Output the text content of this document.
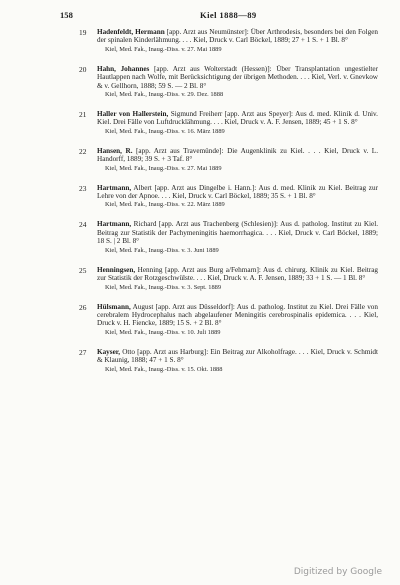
158	Kiel 1888—89
19	Hadenfeldt, Hermann [app. Arzt aus Neumünster]: Über Arthrodesis, besonders bei den Folgen der spinalen Kinderlähmung. . . . Kiel, Druck v. Carl Böckel, 1889; 27 + 1 S. + 1 Bl. 8°
Kiel, Med. Fak., Inaug.-Diss. v. 27. Mai 1889
20	Hahn, Johannes [app. Arzt aus Wolterstadt (Hessen)]: Über Transplantation ungestielter Hautlappen nach Wolfe, mit Berücksichtigung der übrigen Methoden. . . . Kiel, Verl. v. Gnevkow & v. Gellhorn, 1888; 59 S. — 2 Bl. 8°
Kiel, Med. Fak., Inaug.-Diss. v. 29. Dez. 1888
21	Haller von Hallerstein, Sigmund Freiherr [app. Arzt aus Speyer]: Aus d. med. Klinik d. Univ. Kiel. Drei Fälle von Luftdrucklähmung. . . . Kiel, Druck v. A. F. Jensen, 1889; 45 + 1 S. 8°
Kiel, Med. Fak., Inaug.-Diss. v. 16. März 1889
22	Hansen, R. [app. Arzt aus Travemünde]: Die Augenklinik zu Kiel. . . . Kiel, Druck v. L. Handorff, 1889; 39 S. + 3 Taf. 8°
Kiel, Med. Fak., Inaug.-Diss. v. 27. Mai 1889
23	Hartmann, Albert [app. Arzt aus Dingelbe i. Hann.]: Aus d. med. Klinik zu Kiel. Beitrag zur Lehre von der Apnoe. . . . Kiel, Druck v. Carl Böckel, 1889; 35 S. + 1 Bl. 8°
Kiel, Med. Fak., Inaug.-Diss. v. 22. März 1889
24	Hartmann, Richard [app. Arzt aus Trachenberg (Schlesien)]: Aus d. patholog. Institut zu Kiel. Beitrag zur Statistik der Pachymeningitis haemorrhagica. . . . Kiel, Druck v. Carl Böckel, 1889; 18 S. | 2 Bl. 8°
Kiel, Med. Fak., Inaug.-Diss. v. 3. Juni 1889
25	Henningsen, Henning [app. Arzt aus Burg a/Fehmarn]: Aus d. chirurg. Klinik zu Kiel. Beitrag zur Statistik der Rotzgeschwülste. . . . Kiel, Druck v. A. F. Jensen, 1889; 33 + 1 S. — 1 Bl. 8°
Kiel, Med. Fak., Inaug.-Diss. v. 3. Sept. 1889
26	Hülsmann, August [app. Arzt aus Düsseldorf]: Aus d. patholog. Institut zu Kiel. Drei Fälle von cerebralem Hydrocephalus nach abgelaufener Meningitis cerebrospinalis epidemica. . . . Kiel, Druck v. H. Fiencke, 1889; 15 S. + 2 Bl. 8°
Kiel, Med. Fak., Inaug.-Diss. v. 10. Juli 1889
27	Kayser, Otto [app. Arzt aus Harburg]: Ein Beitrag zur Alkoholfrage. . . . Kiel, Druck v. Schmidt & Klaunig, 1888; 47 + 1 S. 8°
Kiel, Med. Fak., Inaug.-Diss. v. 15. Okt. 1888
Digitized by Google
